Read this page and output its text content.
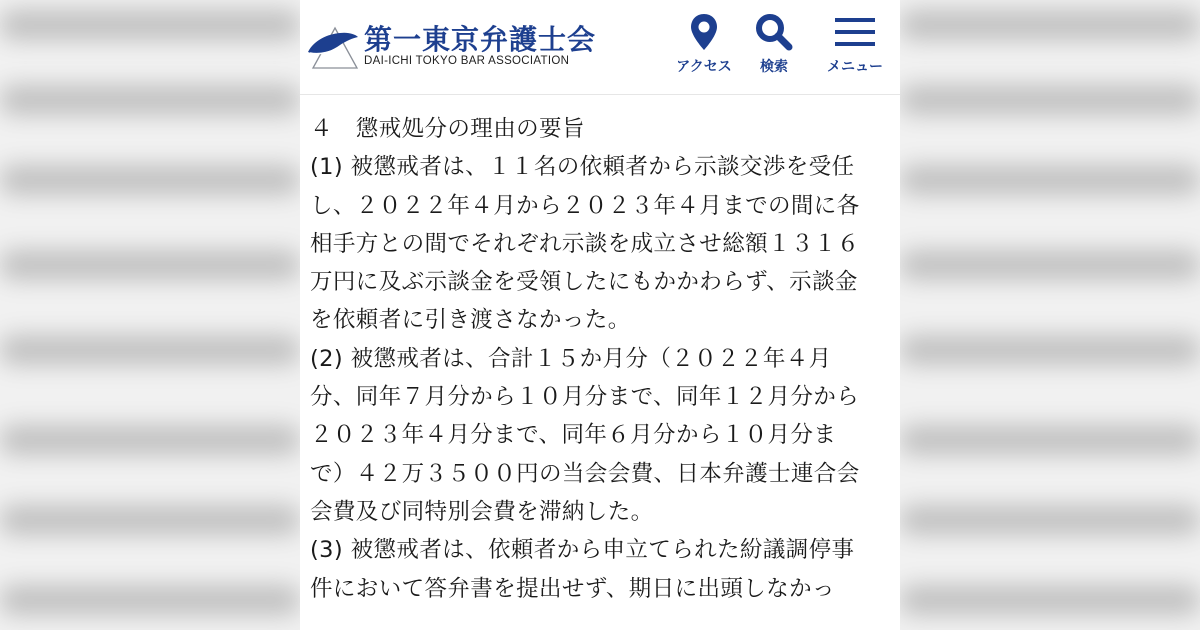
第一東京弁護士会
DAI-ICHI TOKYO BAR ASSOCIATION	アクセス	検索	メニュー
４　懲戒処分の理由の要旨
(1) 被懲戒者は、１１名の依頼者から示談交渉を受任
し、２０２２年４月から２０２３年４月までの間に各
相手方との間でそれぞれ示談を成立させ総額１３１６
万円に及ぶ示談金を受領したにもかかわらず、示談金
を依頼者に引き渡さなかった。
(2) 被懲戒者は、合計１５か月分（２０２２年４月
分、同年７月分から１０月分まで、同年１２月分から
２０２３年４月分まで、同年６月分から１０月分ま
で）４２万３５００円の当会会費、日本弁護士連合会
会費及び同特別会費を滞納した。
(3) 被懲戒者は、依頼者から申立てられた紛議調停事
件において答弁書を提出せず、期日に出頭しなかっ
